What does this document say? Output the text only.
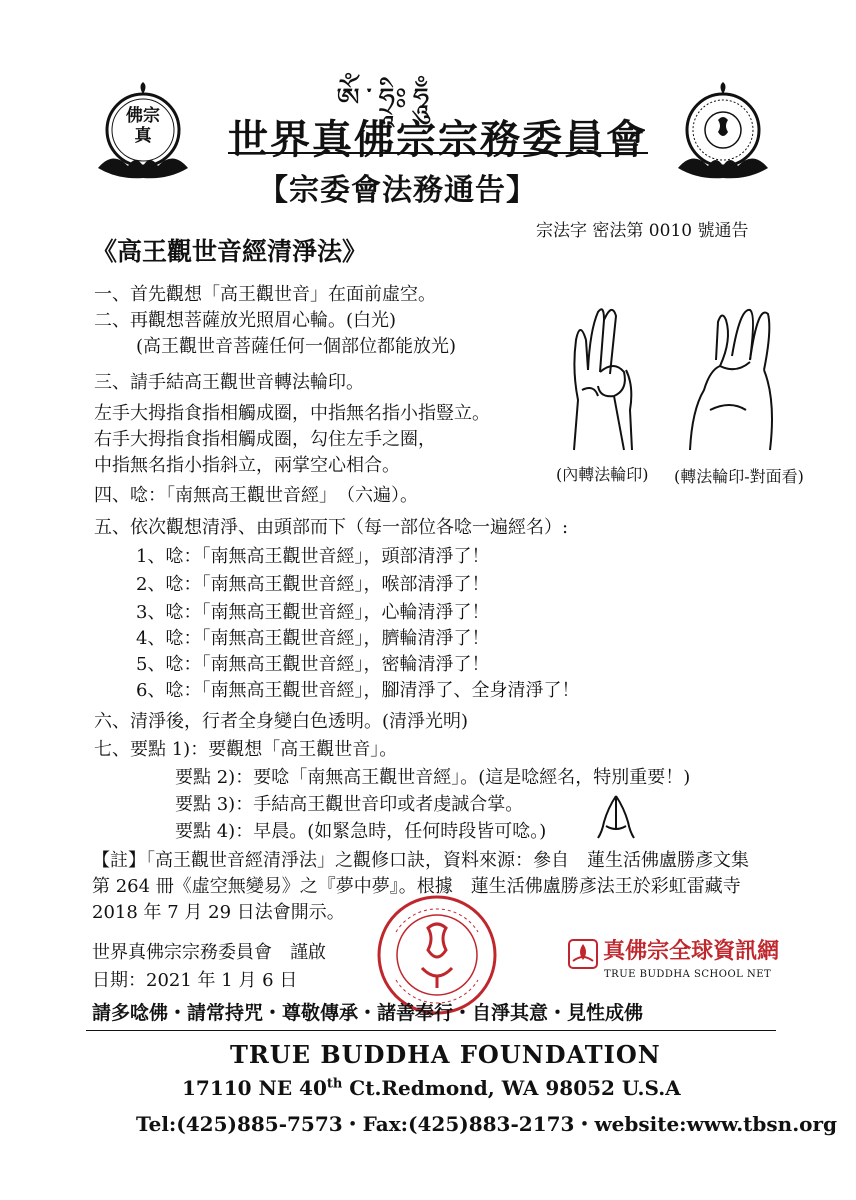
佛宗真
ཨོཾ་ཧྲཱིཿཧཱུྃ
世界真佛宗宗務委員會
【宗委會法務通告】
宗法字 密法第 0010 號通告
《高王觀世音經清淨法》
一、首先觀想「高王觀世音」在面前虛空。
二、再觀想菩薩放光照眉心輪。(白光)
(高王觀世音菩薩任何一個部位都能放光)
三、請手結高王觀世音轉法輪印。
左手大拇指食指相觸成圈，中指無名指小指豎立。
右手大拇指食指相觸成圈，勾住左手之圈，
中指無名指小指斜立，兩掌空心相合。
四、唸：「南無高王觀世音經」　（六遍）。
五、依次觀想清淨、由頭部而下（每一部位各唸一遍經名）:
1、唸：「南無高王觀世音經」，頭部清淨了！
2、唸：「南無高王觀世音經」，喉部清淨了！
3、唸：「南無高王觀世音經」，心輪清淨了！
4、唸：「南無高王觀世音經」，臍輪清淨了！
5、唸：「南無高王觀世音經」，密輪清淨了！
6、唸：「南無高王觀世音經」，腳清淨了、全身清淨了！
六、清淨後，行者全身變白色透明。(清淨光明)
七、要點 1)：要觀想「高王觀世音」。
要點 2)：要唸「南無高王觀世音經」。(這是唸經名，特別重要！)
要點 3)：手結高王觀世音印或者虔誠合掌。
要點 4)：早晨。(如緊急時，任何時段皆可唸。)
(內轉法輪印) (轉法輪印-對面看)
【註】「高王觀世音經清淨法」之觀修口訣，資料來源：參自　蓮生活佛盧勝彥文集
第 264 冊《虛空無變易》之『夢中夢』。根據　蓮生活佛盧勝彥法王於彩虹雷藏寺
2018 年 7 月 29 日法會開示。
世界真佛宗宗務委員會　謹啟
日期：2021 年 1 月 6 日
真佛宗全球資訊網
TRUE BUDDHA SCHOOL NET
請多唸佛・請常持咒・尊敬傳承・諸善奉行・自淨其意・見性成佛
TRUE BUDDHA FOUNDATION
17110 NE 40th Ct.Redmond, WA 98052 U.S.A
Tel:(425)885-7573・Fax:(425)883-2173・website:www.tbsn.org
